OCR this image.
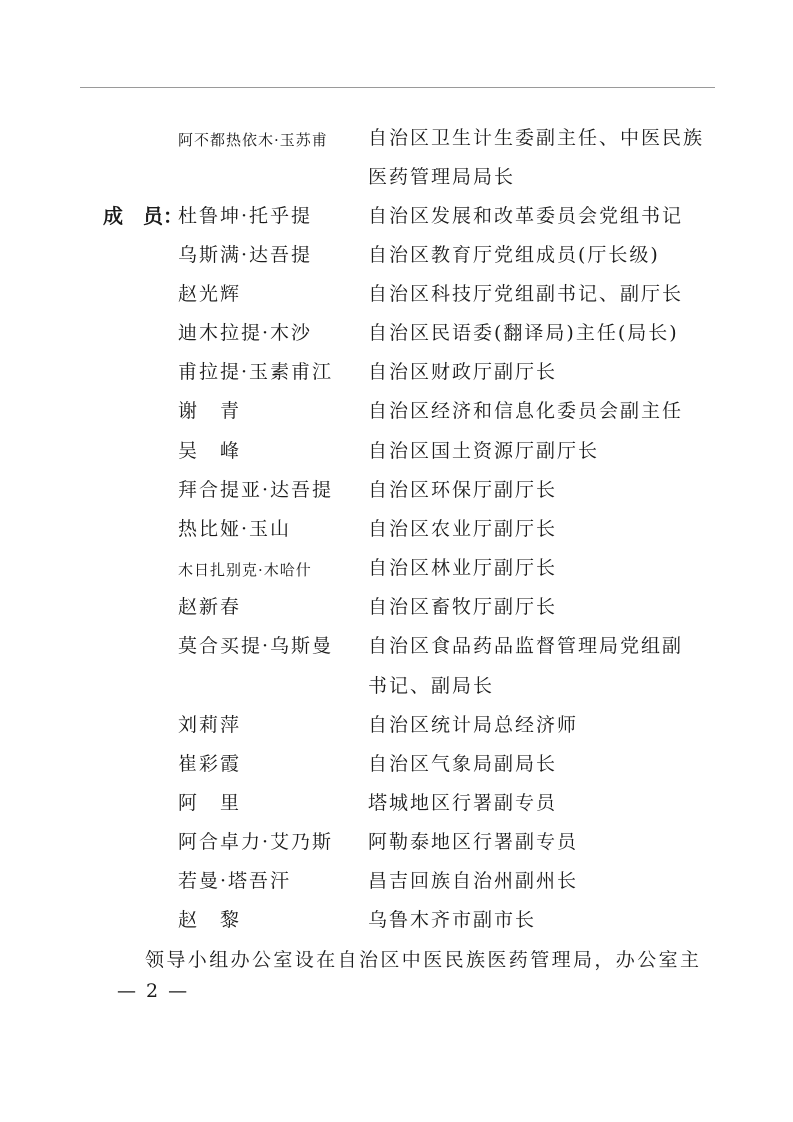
阿不都热依木·玉苏甫 自治区卫生计生委副主任、中医民族
医药管理局局长
成　员：
杜鲁坤·托乎提	自治区发展和改革委员会党组书记
乌斯满·达吾提	自治区教育厅党组成员(厅长级)
赵光辉	自治区科技厅党组副书记、副厅长
迪木拉提·木沙	自治区民语委(翻译局)主任(局长)
甫拉提·玉素甫江 自治区财政厅副厅长
谢　青	自治区经济和信息化委员会副主任
吴　峰	自治区国土资源厅副厅长
拜合提亚·达吾提 自治区环保厅副厅长
热比娅·玉山	自治区农业厅副厅长
木日扎别克·木哈什	自治区林业厅副厅长
赵新春	自治区畜牧厅副厅长
莫合买提·乌斯曼 自治区食品药品监督管理局党组副
书记、副局长
刘莉萍	自治区统计局总经济师
崔彩霞	自治区气象局副局长
阿　里	塔城地区行署副专员
阿合卓力·艾乃斯 阿勒泰地区行署副专员
若曼·塔吾汗	昌吉回族自治州副州长
赵　黎	乌鲁木齐市副市长
领导小组办公室设在自治区中医民族医药管理局，办公室主
— 2 —
